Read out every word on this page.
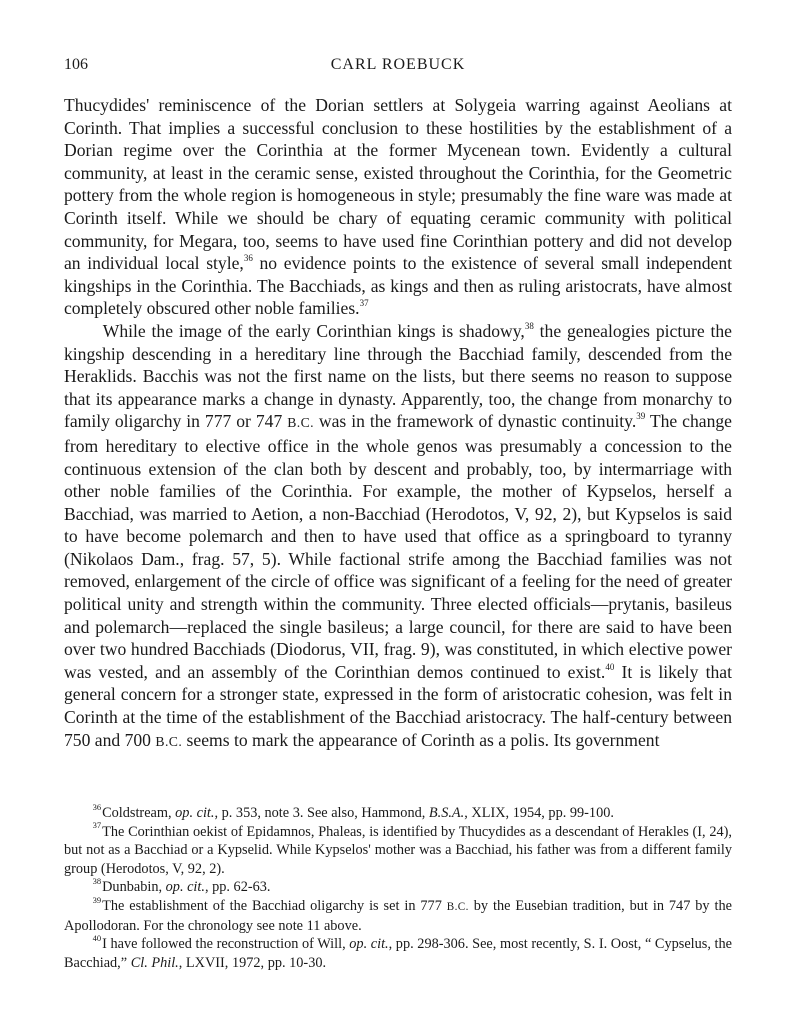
106	CARL ROEBUCK

Thucydides' reminiscence of the Dorian settlers at Solygeia warring against Aeolians at Corinth. That implies a successful conclusion to these hostilities by the establishment of a Dorian regime over the Corinthia at the former Mycenean town. Evidently a cultural community, at least in the ceramic sense, existed throughout the Corinthia, for the Geometric pottery from the whole region is homogeneous in style; presumably the fine ware was made at Corinth itself. While we should be chary of equating ceramic community with political community, for Megara, too, seems to have used fine Corinthian pottery and did not develop an individual local style,$^{36}$ no evidence points to the existence of several small independent kingships in the Corinthia. The Bacchiads, as kings and then as ruling aristocrats, have almost completely obscured other noble families.$^{37}$

While the image of the early Corinthian kings is shadowy,$^{38}$ the genealogies picture the kingship descending in a hereditary line through the Bacchiad family, descended from the Heraklids. Bacchis was not the first name on the lists, but there seems no reason to suppose that its appearance marks a change in dynasty. Apparently, too, the change from monarchy to family oligarchy in 777 or 747 B.C. was in the framework of dynastic continuity.$^{39}$ The change from hereditary to elective office in the whole genos was presumably a concession to the continuous extension of the clan both by descent and probably, too, by intermarriage with other noble families of the Corinthia. For example, the mother of Kypselos, herself a Bacchiad, was married to Aetion, a non-Bacchiad (Herodotos, V, 92, 2), but Kypselos is said to have become polemarch and then to have used that office as a springboard to tyranny (Nikolaos Dam., frag. 57, 5). While factional strife among the Bacchiad families was not removed, enlargement of the circle of office was significant of a feeling for the need of greater political unity and strength within the community. Three elected officials—prytanis, basileus and polemarch—replaced the single basileus; a large council, for there are said to have been over two hundred Bacchiads (Diodorus, VII, frag. 9), was constituted, in which elective power was vested, and an assembly of the Corinthian demos continued to exist.$^{40}$ It is likely that general concern for a stronger state, expressed in the form of aristocratic cohesion, was felt in Corinth at the time of the establishment of the Bacchiad aristocracy. The half-century between 750 and 700 B.C. seems to mark the appearance of Corinth as a polis. Its government

$^{36}$Coldstream, op. cit., p. 353, note 3. See also, Hammond, B.S.A., XLIX, 1954, pp. 99-100.

$^{37}$The Corinthian oekist of Epidamnos, Phaleas, is identified by Thucydides as a descendant of Herakles (I, 24), but not as a Bacchiad or a Kypselid. While Kypselos' mother was a Bacchiad, his father was from a different family group (Herodotos, V, 92, 2).

$^{38}$Dunbabin, op. cit., pp. 62-63.

$^{39}$The establishment of the Bacchiad oligarchy is set in 777 B.C. by the Eusebian tradition, but in 747 by the Apollodoran. For the chronology see note 11 above.

$^{40}$I have followed the reconstruction of Will, op. cit., pp. 298-306. See, most recently, S. I. Oost, “ Cypselus, the Bacchiad,” Cl. Phil., LXVII, 1972, pp. 10-30.
